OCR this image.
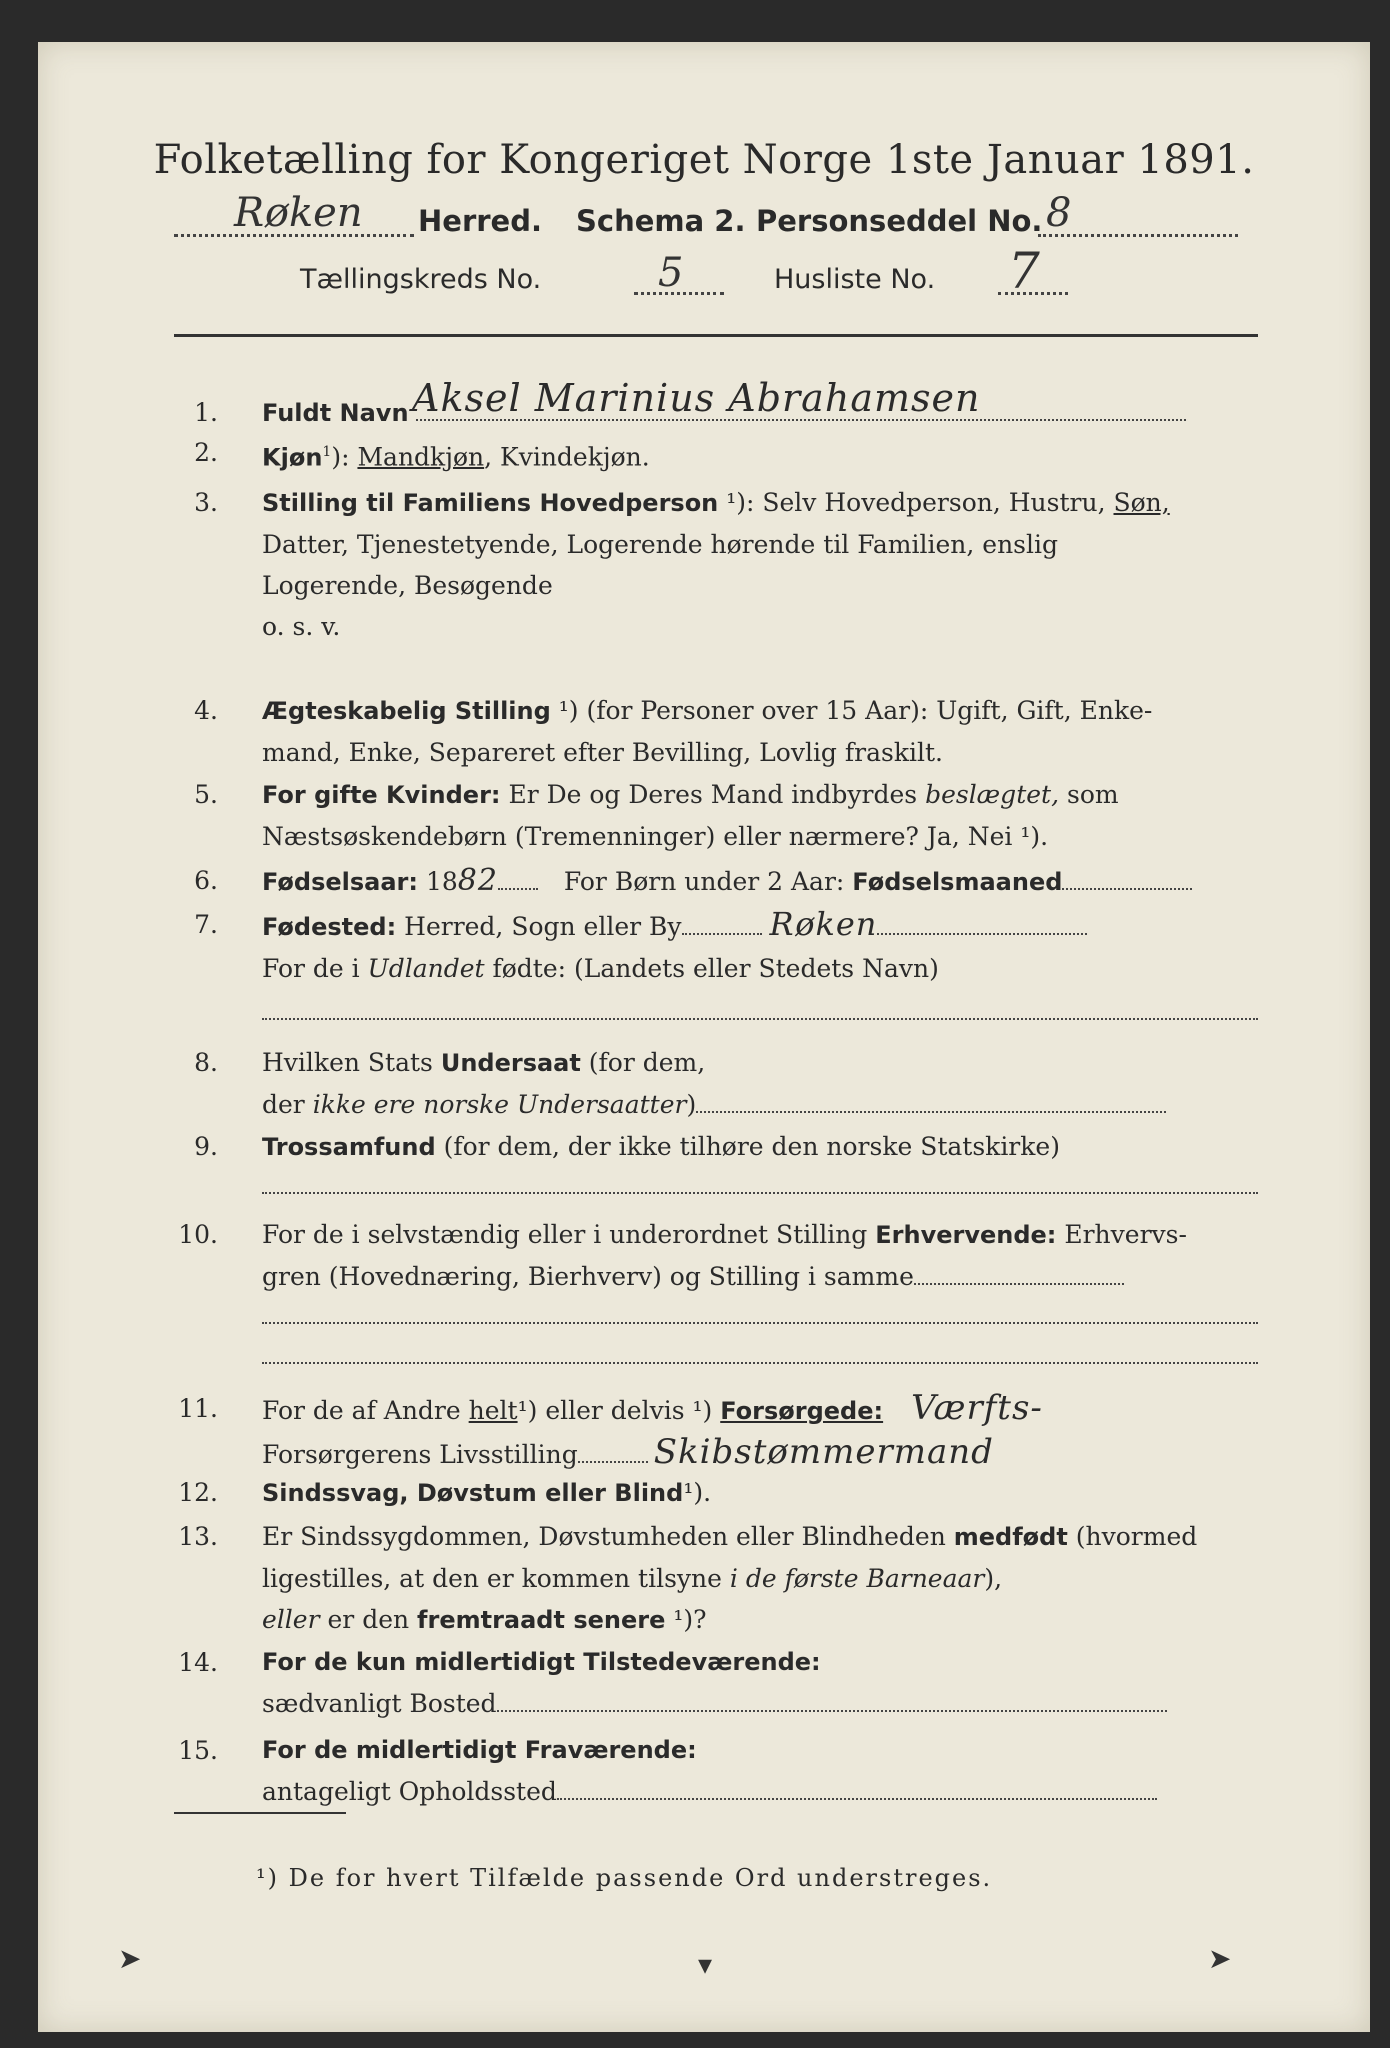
Folketælling for Kongeriget Norge 1ste Januar 1891.
Røken Herred. Schema 2. Personseddel No. 8
Tællingskreds No.	5	Husliste No. 7
1. Fuldt Navn Aksel Marinius Abrahamsen
2. Kjøn$^1$): Mandkjøn, Kvindekjøn.
3. Stilling til Familiens Hovedperson ¹): Selv Hovedperson, Hustru, Søn,
Datter, Tjenestetyende, Logerende hørende til Familien, enslig
Logerende, Besøgende
o. s. v.
4. Ægteskabelig Stilling ¹) (for Personer over 15 Aar): Ugift, Gift, Enke-
mand, Enke, Separeret efter Bevilling, Lovlig fraskilt.
5. For gifte Kvinder: Er De og Deres Mand indbyrdes beslægtet, som
Næstsøskendebørn (Tremenninger) eller nærmere? Ja, Nei ¹).
6. Fødselsaar: 1882	For Børn under 2 Aar: Fødselsmaaned
7. Fødested: Herred, Sogn eller By	Røken
For de i Udlandet fødte: (Landets eller Stedets Navn)
8. Hvilken Stats Undersaat (for dem,
der ikke ere norske Undersaatter)
9. Trossamfund (for dem, der ikke tilhøre den norske Statskirke)
10. For de i selvstændig eller i underordnet Stilling Erhvervende: Erhvervs-
gren (Hovednæring, Bierhverv) og Stilling i samme
11. For de af Andre helt¹) eller delvis ¹) Forsørgede: Værfts-
Forsørgerens Livsstilling Skibstømmermand
12. Sindssvag, Døvstum eller Blind¹).
13. Er Sindssygdommen, Døvstumheden eller Blindheden medfødt (hvormed
ligestilles, at den er kommen tilsyne i de første Barneaar),
eller er den fremtraadt senere ¹)?
14. For de kun midlertidigt Tilstedeværende:
sædvanligt Bosted
15. For de midlertidigt Fraværende:
antageligt Opholdssted
¹) De for hvert Tilfælde passende Ord understreges.
➤	▾	➤
